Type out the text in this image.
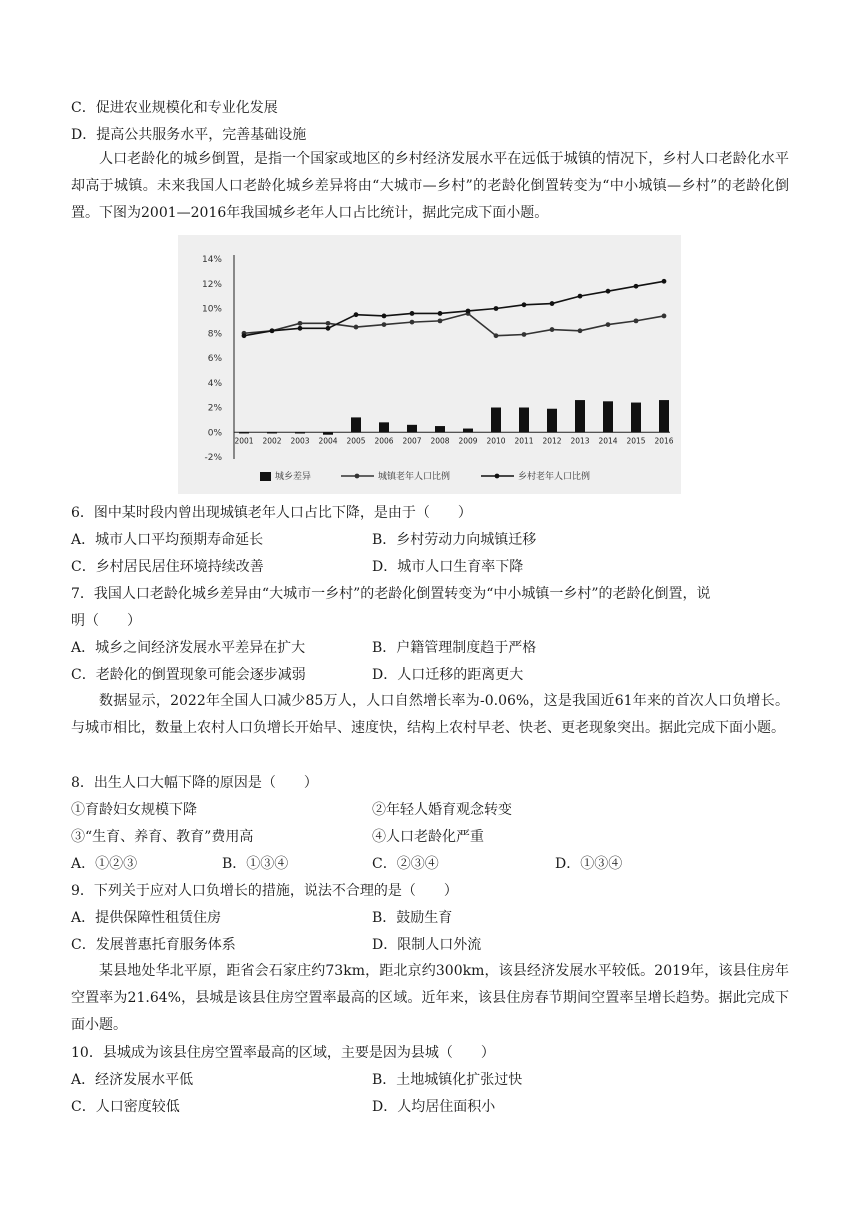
C．促进农业规模化和专业化发展
D．提高公共服务水平，完善基础设施
人口老龄化的城乡倒置，是指一个国家或地区的乡村经济发展水平在远低于城镇的情况下，乡村人口老龄化水平却高于城镇。未来我国人口老龄化城乡差异将由“大城市—乡村”的老龄化倒置转变为“中小城镇—乡村”的老龄化倒置。下图为2001—2016年我国城乡老年人口占比统计，据此完成下面小题。
14%
12%
10%
8%
6%
4%
2%
0%
-2%
2001 2002 2003 2004 2005 2006 2007 2008 2009 2010 2011 2012 2013 2014 2015 2016
城乡差异	城镇老年人口比例	乡村老年人口比例
6．图中某时段内曾出现城镇老年人口占比下降，是由于（　　）
A．城市人口平均预期寿命延长	B．乡村劳动力向城镇迁移
C．乡村居民居住环境持续改善	D．城市人口生育率下降
7．我国人口老龄化城乡差异由“大城市一乡村”的老龄化倒置转变为“中小城镇一乡村”的老龄化倒置，说
明（　　）
A．城乡之间经济发展水平差异在扩大	B．户籍管理制度趋于严格
C．老龄化的倒置现象可能会逐步减弱	D．人口迁移的距离更大
数据显示，2022年全国人口减少85万人，人口自然增长率为-0.06%，这是我国近61年来的首次人口负增长。与城市相比，数量上农村人口负增长开始早、速度快，结构上农村早老、快老、更老现象突出。据此完成下面小题。
8．出生人口大幅下降的原因是（　　）
①育龄妇女规模下降	②年轻人婚育观念转变
③“生育、养育、教育”费用高	④人口老龄化严重
A．①②③	B．①③④	C．②③④	D．①③④
9．下列关于应对人口负增长的措施，说法不合理的是（　　）
A．提供保障性租赁住房	B．鼓励生育
C．发展普惠托育服务体系	D．限制人口外流
某县地处华北平原，距省会石家庄约73km，距北京约300km，该县经济发展水平较低。2019年，该县住房年空置率为21.64%，县城是该县住房空置率最高的区域。近年来，该县住房春节期间空置率呈增长趋势。据此完成下面小题。
10．县城成为该县住房空置率最高的区域，主要是因为县城（　　）
A．经济发展水平低	B．土地城镇化扩张过快
C．人口密度较低	D．人均居住面积小
